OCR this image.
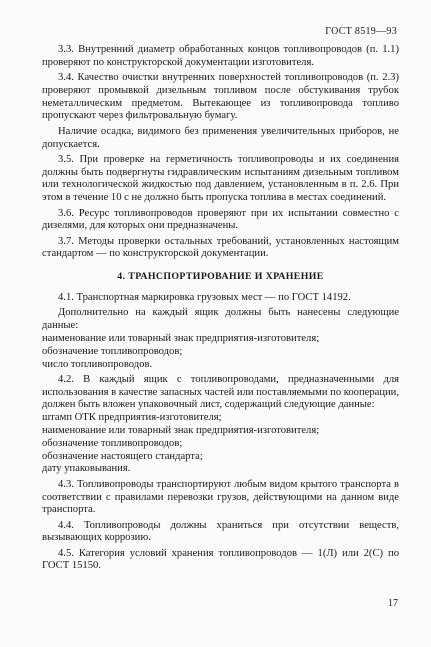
ГОСТ 8519—93

3.3. Внутренний диаметр обработанных концов топливопроводов (п. 1.1) проверяют по конструкторской документации изготовителя.

3.4. Качество очистки внутренних поверхностей топливопроводов (п. 2.3) проверяют промывкой дизельным топливом после обстукивания трубок неметаллическим предметом. Вытекающее из топливопровода топливо пропускают через фильтровальную бумагу.

Наличие осадка, видимого без применения увеличительных приборов, не допускается.

3.5. При проверке на герметичность топливопроводы и их соединения должны быть подвергнуты гидравлическим испытаниям дизельным топливом или технологической жидкостью под давлением, установленным в п. 2.6. При этом в течение 10 с не должно быть пропуска топлива в местах соединений.

3.6. Ресурс топливопроводов проверяют при их испытании совместно с дизелями, для которых они предназначены.

3.7. Методы проверки остальных требований, установленных настоящим стандартом — по конструкторской документации.

4. ТРАНСПОРТИРОВАНИЕ И ХРАНЕНИЕ

4.1. Транспортная маркировка грузовых мест — по ГОСТ 14192.

Дополнительно на каждый ящик должны быть нанесены следующие данные:

наименование или товарный знак предприятия-изготовителя;

обозначение топливопроводов;

число топливопроводов.

4.2. В каждый ящик с топливопроводами, предназначенными для использования в качестве запасных частей или поставляемыми по кооперации, должен быть вложен упаковочный лист, содержащий следующие данные:

штамп ОТК предприятия-изготовителя;

наименование или товарный знак предприятия-изготовителя;

обозначение топливопроводов;

обозначение настоящего стандарта;

дату упаковывания.

4.3. Топливопроводы транспортируют любым видом крытого транспорта в соответствии с правилами перевозки грузов, действующими на данном виде транспорта.

4.4. Топливопроводы должны храниться при отсутствии веществ, вызывающих коррозию.

4.5. Категория условий хранения топливопроводов — 1(Л) или 2(С) по ГОСТ 15150.

17
